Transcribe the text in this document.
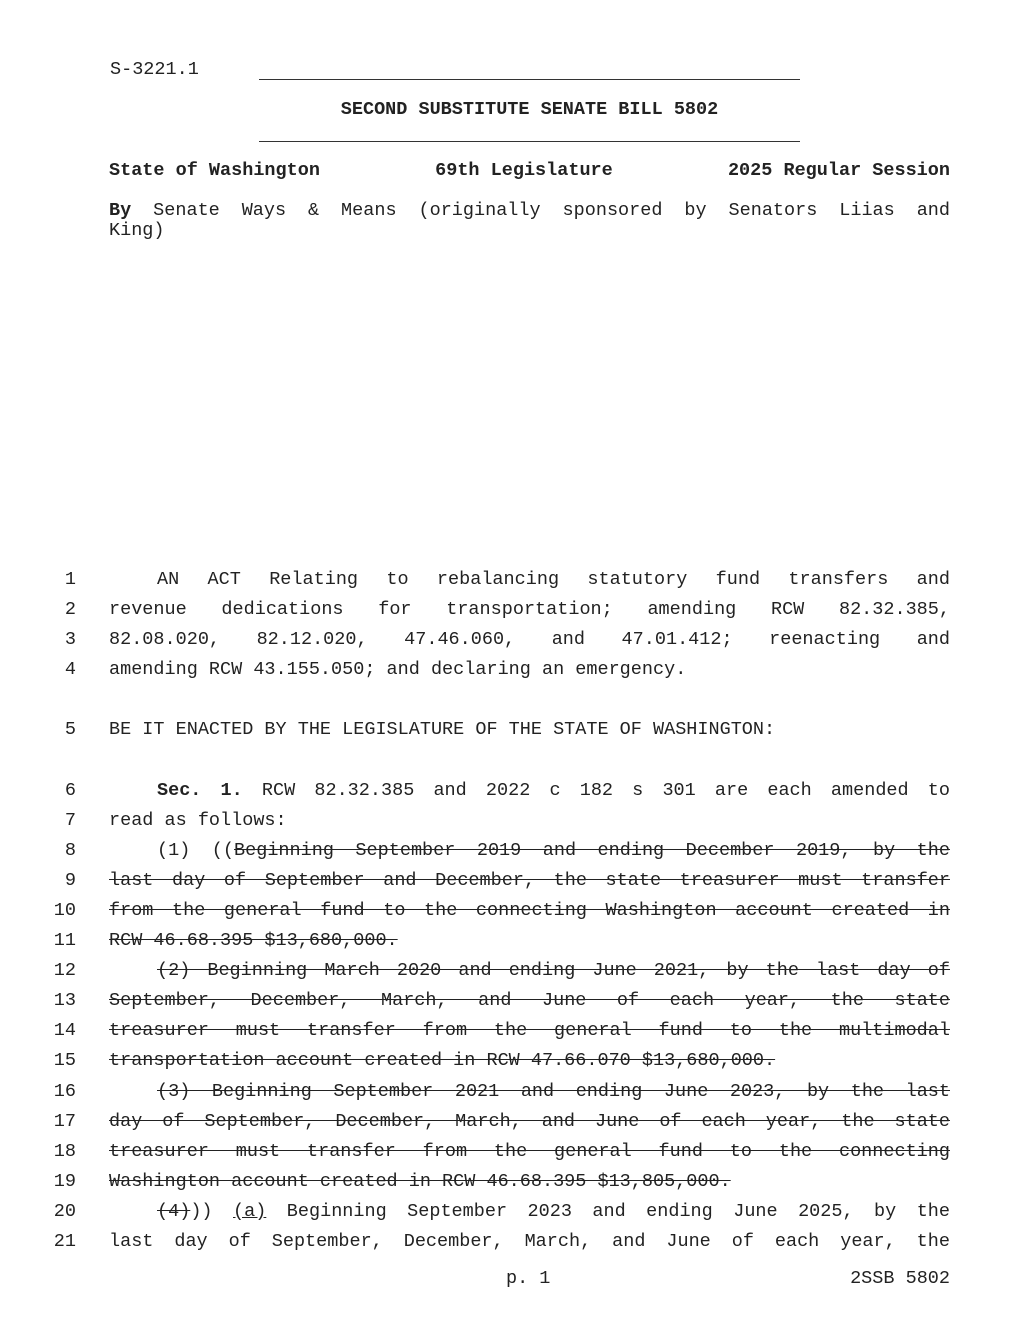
S-3221.1
SECOND SUBSTITUTE SENATE BILL 5802
State of Washington	69th Legislature	2025 Regular Session
By Senate Ways & Means (originally sponsored by Senators Liias and
King)
1	AN ACT Relating to rebalancing statutory fund transfers and
2 revenue dedications for transportation; amending RCW 82.32.385,
3 82.08.020, 82.12.020, 47.46.060, and 47.01.412; reenacting and
4 amending RCW 43.155.050; and declaring an emergency.
5 BE IT ENACTED BY THE LEGISLATURE OF THE STATE OF WASHINGTON:
6	Sec. 1. RCW 82.32.385 and 2022 c 182 s 301 are each amended to
7 read as follows:
8	(1) ((Beginning September 2019 and ending December 2019, by the
9 last day of September and December, the state treasurer must transfer
10 from the general fund to the connecting Washington account created in
11 RCW 46.68.395 $13,680,000.
12	(2) Beginning March 2020 and ending June 2021, by the last day of
13 September, December, March, and June of each year, the state
14 treasurer must transfer from the general fund to the multimodal
15 transportation account created in RCW 47.66.070 $13,680,000.
16	(3) Beginning September 2021 and ending June 2023, by the last
17 day of September, December, March, and June of each year, the state
18 treasurer must transfer from the general fund to the connecting
19 Washington account created in RCW 46.68.395 $13,805,000.
20	(4))) (a) Beginning September 2023 and ending June 2025, by the
21 last day of September, December, March, and June of each year, the
p. 1	2SSB 5802
